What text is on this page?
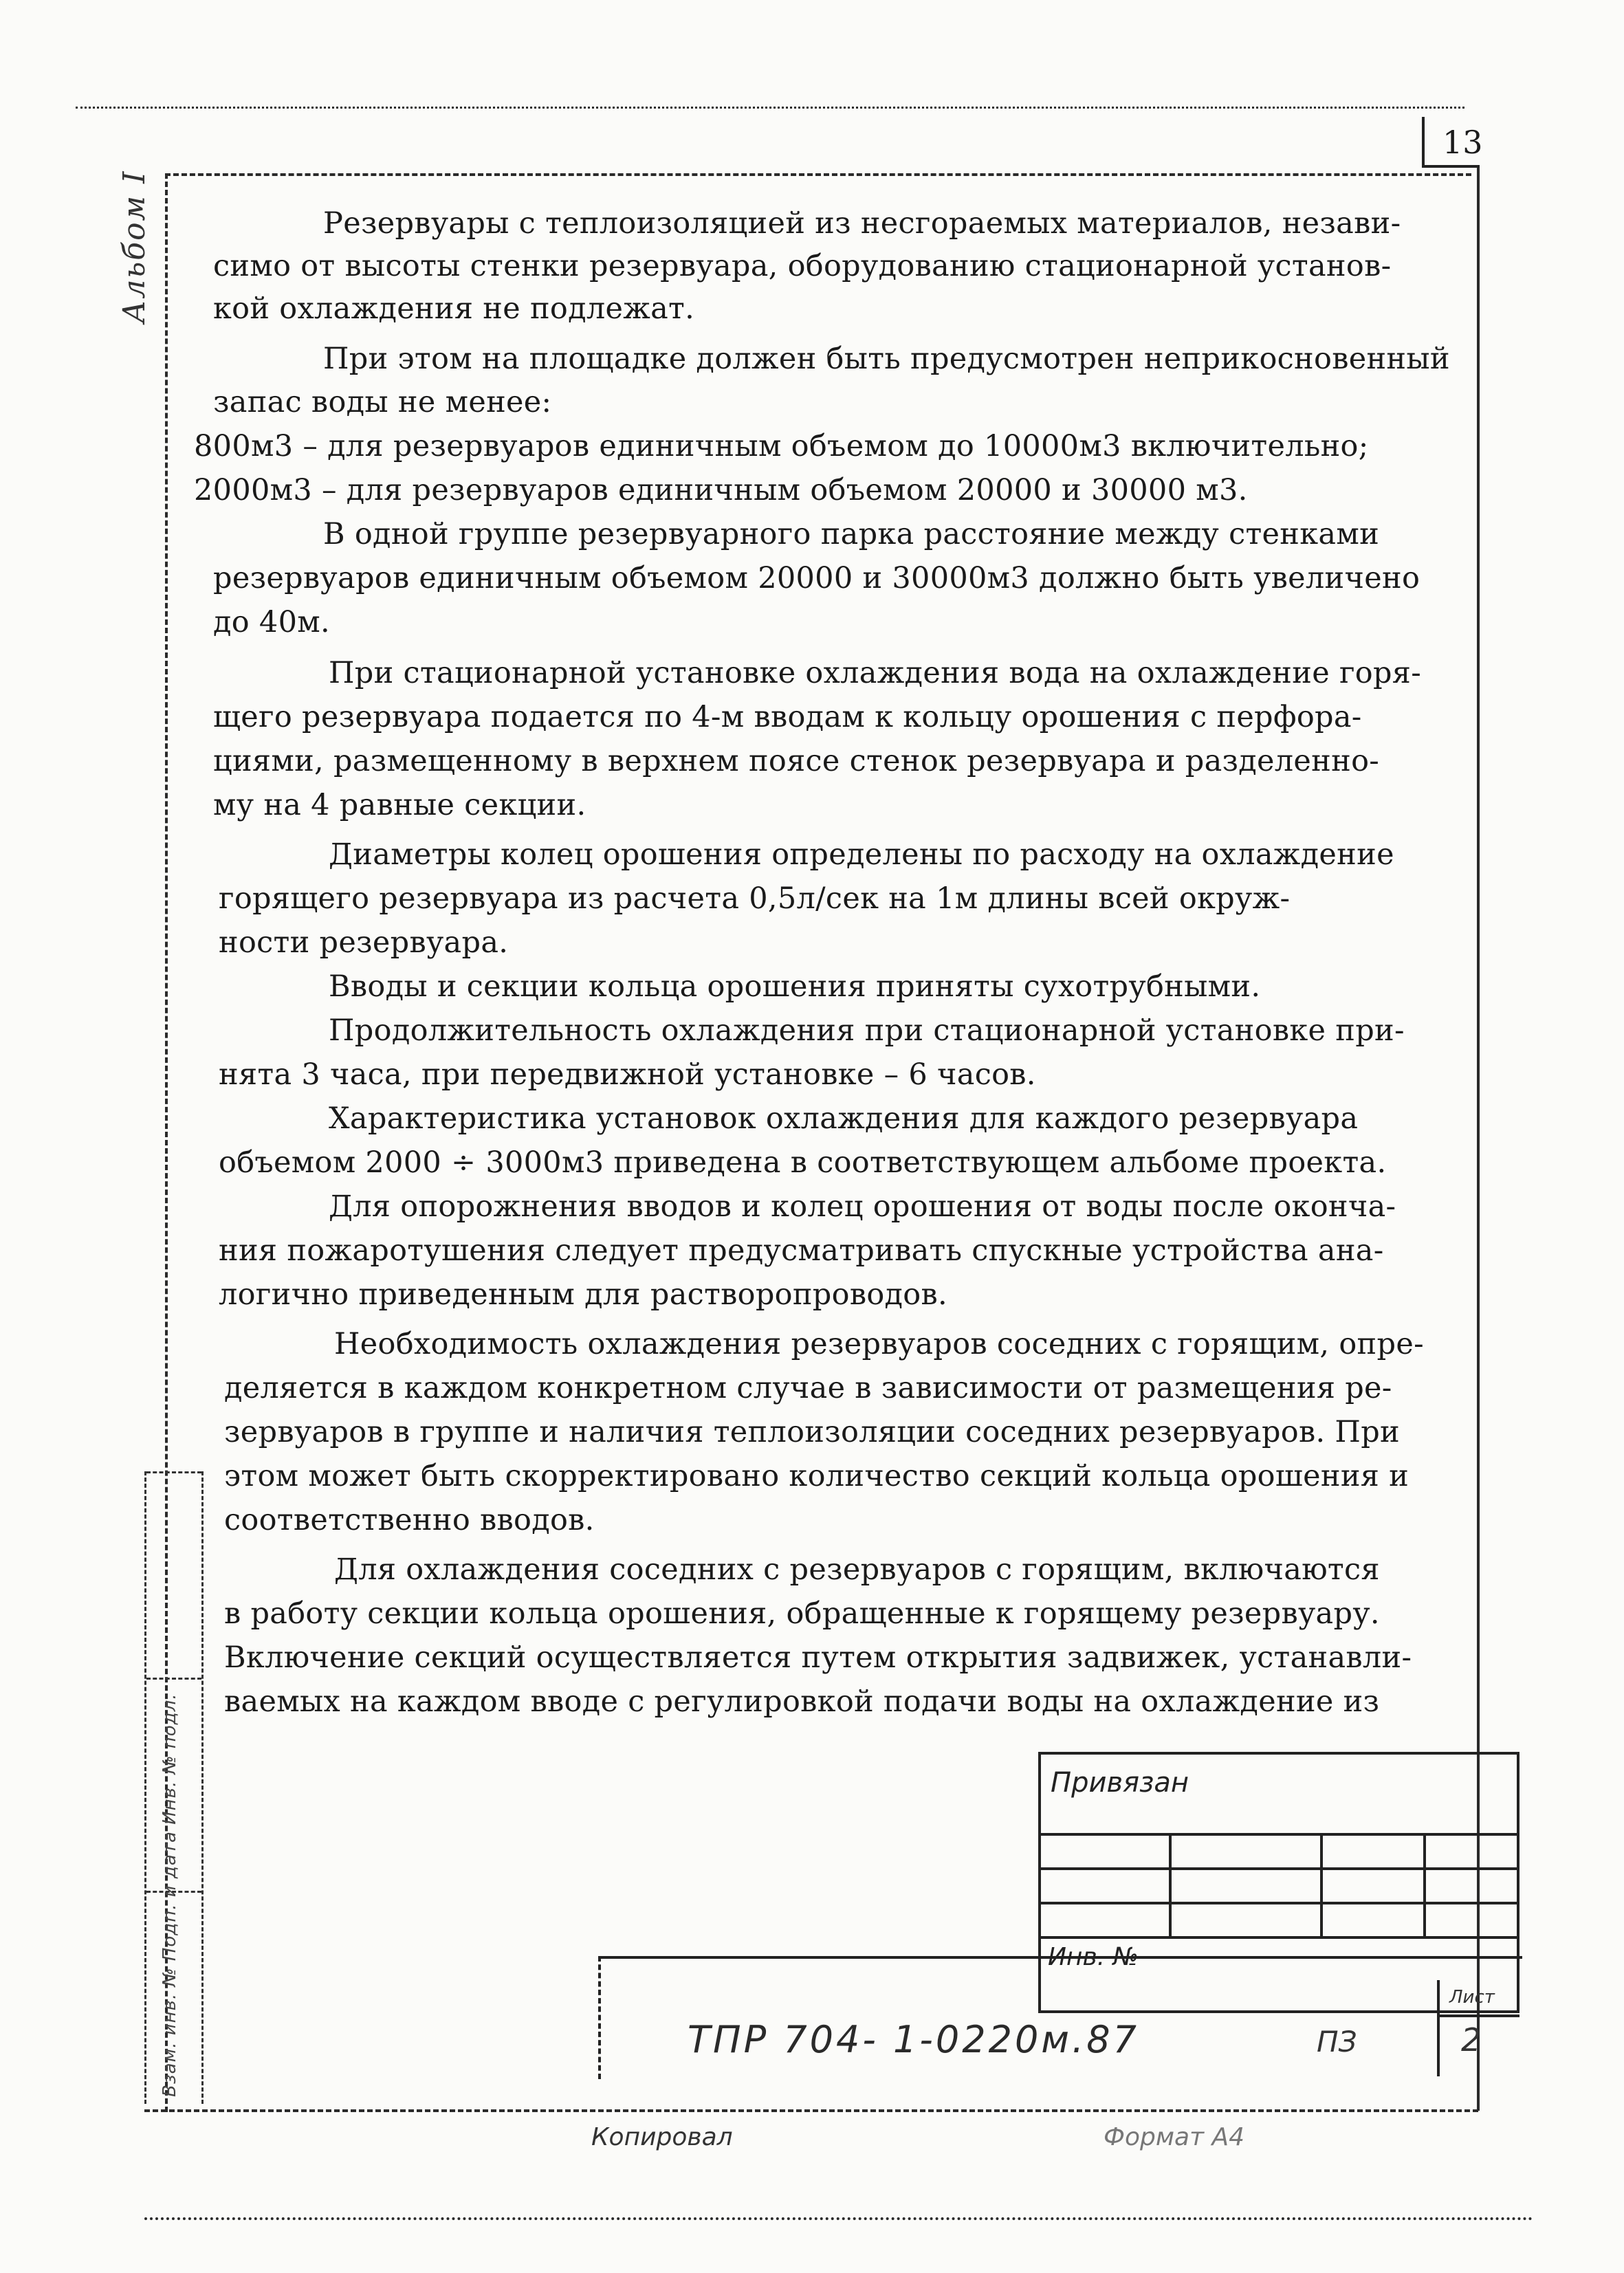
13
Альбом I	Резервуары с теплоизоляцией из несгораемых материалов, незави-
симо от высоты стенки резервуара, оборудованию стационарной установ-
кой охлаждения не подлежат.
При этом на площадке должен быть предусмотрен неприкосновенный
запас воды не менее:
800м3 – для резервуаров единичным объемом до 10000м3 включительно;
2000м3 – для резервуаров единичным объемом 20000 и 30000 м3.
В одной группе резервуарного парка расстояние между стенками
резервуаров единичным объемом 20000 и 30000м3 должно быть увеличено
до 40м.
При стационарной установке охлаждения вода на охлаждение горя-
щего резервуара подается по 4-м вводам к кольцу орошения с перфора-
циями, размещенному в верхнем поясе стенок резервуара и разделенно-
му на 4 равные секции.
Диаметры колец орошения определены по расходу на охлаждение
горящего резервуара из расчета 0,5л/сек на 1м длины всей окруж-
ности резервуара.
Вводы и секции кольца орошения приняты сухотрубными.
Продолжительность охлаждения при стационарной установке при-
нята 3 часа, при передвижной установке – 6 часов.
Характеристика установок охлаждения для каждого резервуара
объемом 2000 ÷ 3000м3 приведена в соответствующем альбоме проекта.
Для опорожнения вводов и колец орошения от воды после оконча-
ния пожаротушения следует предусматривать спускные устройства ана-
логично приведенным для растворопроводов.
Необходимость охлаждения резервуаров соседних с горящим, опре-
деляется в каждом конкретном случае в зависимости от размещения ре-
зервуаров в группе и наличия теплоизоляции соседних резервуаров. При
этом может быть скорректировано количество секций кольца орошения и
соответственно вводов.
Для охлаждения соседних с резервуаров с горящим, включаются
в работу секции кольца орошения, обращенные к горящему резервуару.
Включение секций осуществляется путем открытия задвижек, устанавли-
ваемых на каждом вводе с регулировкой подачи воды на охлаждение из
Взам. инв. № Подп. и дата Инв. № подл.	Привязан
Инв. №
ТПР 704- 1-0220м.87	ПЗ
Лист
2
Копировал	Формат А4
